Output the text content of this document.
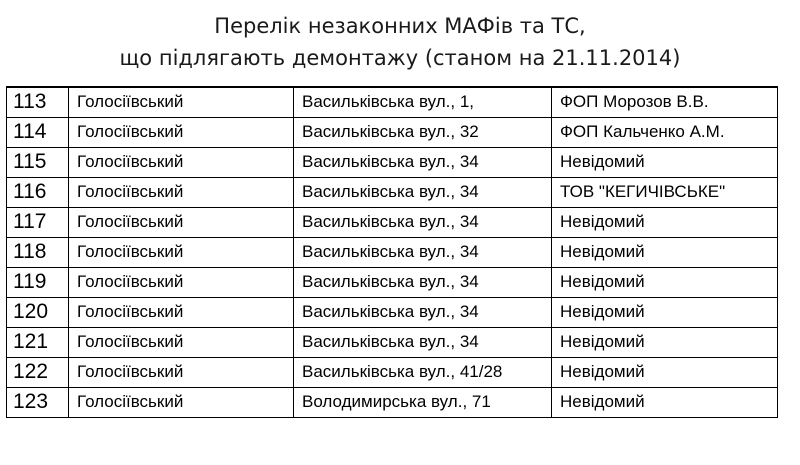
Перелік незаконних МАФів та ТС,
що підлягають демонтажу (станом на 21.11.2014)
113	Голосіївський	Васильківська вул., 1,	ФОП Морозов В.В.
114	Голосіївський	Васильківська вул., 32	ФОП Кальченко А.М.
115	Голосіївський	Васильківська вул., 34	Невідомий
116	Голосіївський	Васильківська вул., 34	ТОВ "КЕГИЧІВСЬКЕ"
117	Голосіївський	Васильківська вул., 34	Невідомий
118	Голосіївський	Васильківська вул., 34	Невідомий
119	Голосіївський	Васильківська вул., 34	Невідомий
120	Голосіївський	Васильківська вул., 34	Невідомий
121	Голосіївський	Васильківська вул., 34	Невідомий
122	Голосіївський	Васильківська вул., 41/28	Невідомий
123	Голосіївський	Володимирська вул., 71	Невідомий
